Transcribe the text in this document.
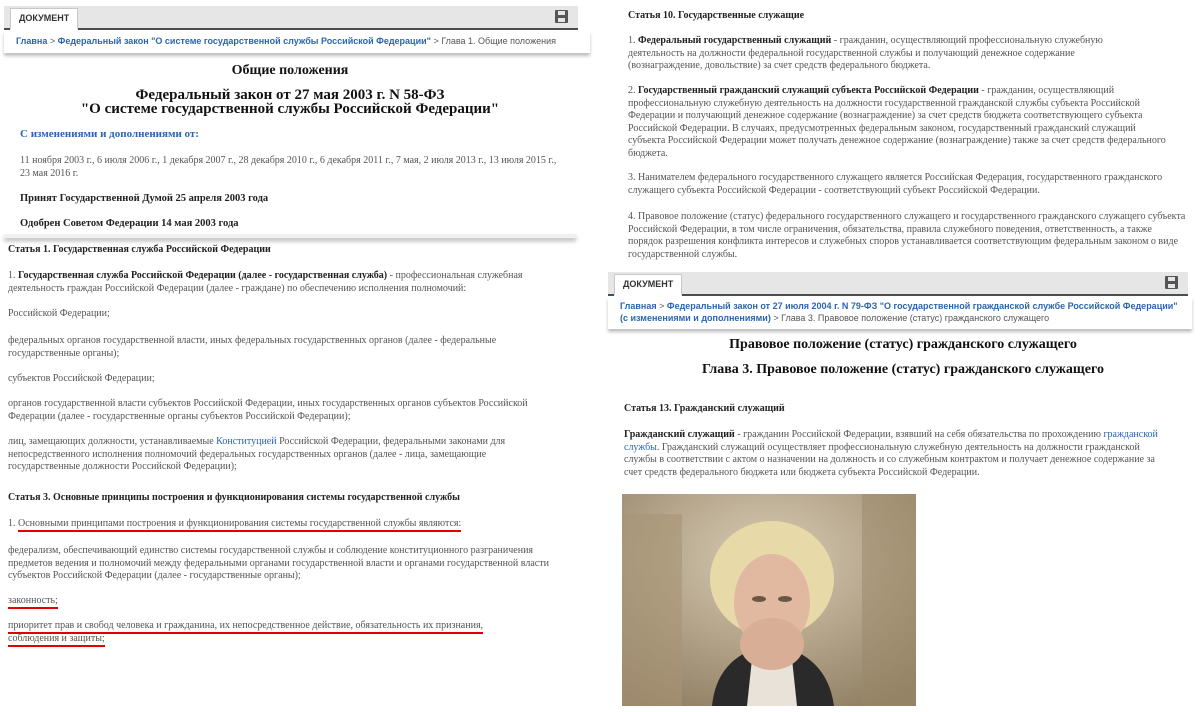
ДОКУМЕНТ
Главна > Федеральный закон "О системе государственной службы Российской Федерации" > Глава 1. Общие положения
Общие положения
Федеральный закон от 27 мая 2003 г. N 58-ФЗ
"О системе государственной службы Российской Федерации"
С изменениями и дополнениями от:
11 ноября 2003 г., 6 июля 2006 г., 1 декабря 2007 г., 28 декабря 2010 г., 6 декабря 2011 г., 7 мая, 2 июля 2013 г., 13 июля 2015 г., 23 мая 2016 г.
Принят Государственной Думой 25 апреля 2003 года
Одобрен Советом Федерации 14 мая 2003 года
Статья 1. Государственная служба Российской Федерации
1. Государственная служба Российской Федерации (далее - государственная служба) - профессиональная служебная деятельность граждан Российской Федерации (далее - граждане) по обеспечению исполнения полномочий:
Российской Федерации;
федеральных органов государственной власти, иных федеральных государственных органов (далее - федеральные государственные органы);
субъектов Российской Федерации;
органов государственной власти субъектов Российской Федерации, иных государственных органов субъектов Российской Федерации (далее - государственные органы субъектов Российской Федерации);
лиц, замещающих должности, устанавливаемые Конституцией Российской Федерации, федеральными законами для непосредственного исполнения полномочий федеральных государственных органов (далее - лица, замещающие государственные должности Российской Федерации);
Статья 3. Основные принципы построения и функционирования системы государственной службы
1. Основными принципами построения и функционирования системы государственной службы являются:
федерализм, обеспечивающий единство системы государственной службы и соблюдение конституционного разграничения предметов ведения и полномочий между федеральными органами государственной власти и органами государственной власти субъектов Российской Федерации (далее - государственные органы);
законность;
приоритет прав и свобод человека и гражданина, их непосредственное действие, обязательность их признания,
соблюдения и защиты;
Статья 10. Государственные служащие
1. Федеральный государственный служащий - гражданин, осуществляющий профессиональную служебную деятельность на должности федеральной государственной службы и получающий денежное содержание (вознаграждение, довольствие) за счет средств федерального бюджета.
2. Государственный гражданский служащий субъекта Российской Федерации - гражданин, осуществляющий профессиональную служебную деятельность на должности государственной гражданской службы субъекта Российской Федерации и получающий денежное содержание (вознаграждение) за счет средств бюджета соответствующего субъекта Российской Федерации. В случаях, предусмотренных федеральным законом, государственный гражданский служащий субъекта Российской Федерации может получать денежное содержание (вознаграждение) также за счет средств федерального бюджета.
3. Нанимателем федерального государственного служащего является Российская Федерация, государственного гражданского служащего субъекта Российской Федерации - соответствующий субъект Российской Федерации.
4. Правовое положение (статус) федерального государственного служащего и государственного гражданского служащего субъекта Российской Федерации, в том числе ограничения, обязательства, правила служебного поведения, ответственность, а также порядок разрешения конфликта интересов и служебных споров устанавливается соответствующим федеральным законом о виде государственной службы.
ДОКУМЕНТ
Главная > Федеральный закон от 27 июля 2004 г. N 79-ФЗ "О государственной гражданской службе Российской Федерации" (с изменениями и дополнениями) > Глава 3. Правовое положение (статус) гражданского служащего
Правовое положение (статус) гражданского служащего
Глава 3. Правовое положение (статус) гражданского служащего
Статья 13. Гражданский служащий
Гражданский служащий - гражданин Российской Федерации, взявший на себя обязательства по прохождению гражданской службы. Гражданский служащий осуществляет профессиональную служебную деятельность на должности гражданской службы в соответствии с актом о назначении на должность и со служебным контрактом и получает денежное содержание за счет средств федерального бюджета или бюджета субъекта Российской Федерации.
